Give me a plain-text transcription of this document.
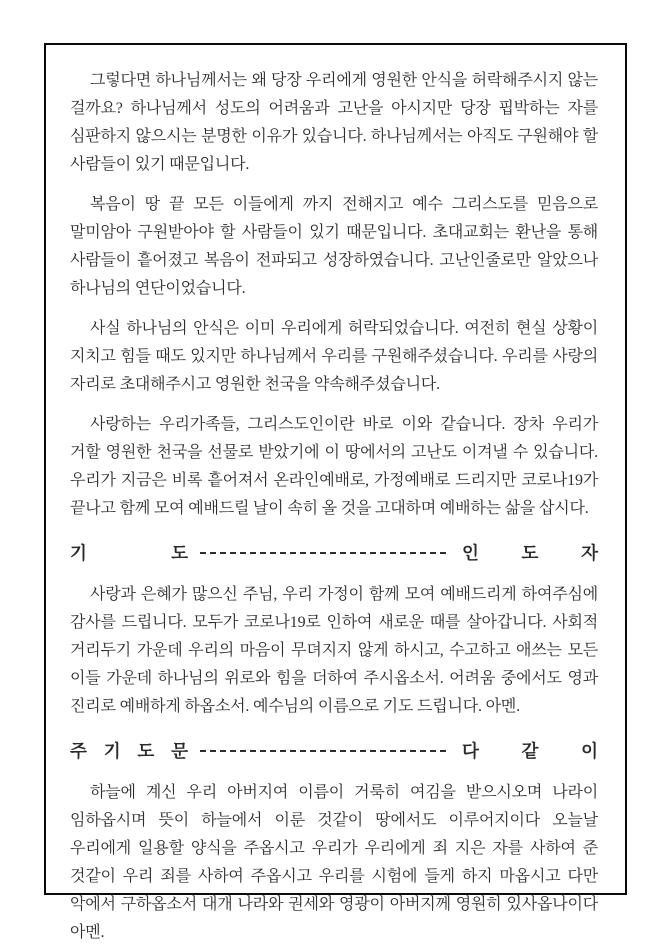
그렇다면 하나님께서는 왜 당장 우리에게 영원한 안식을 허락해주시지 않는 걸까요? 하나님께서 성도의 어려움과 고난을 아시지만 당장 핍박하는 자를 심판하지 않으시는 분명한 이유가 있습니다. 하나님께서는 아직도 구원해야 할 사람들이 있기 때문입니다.

복음이 땅 끝 모든 이들에게 까지 전해지고 예수 그리스도를 믿음으로 말미암아 구원받아야 할 사람들이 있기 때문입니다. 초대교회는 환난을 통해 사람들이 흩어졌고 복음이 전파되고 성장하였습니다. 고난인줄로만 알았으나 하나님의 연단이었습니다.

사실 하나님의 안식은 이미 우리에게 허락되었습니다. 여전히 현실 상황이 지치고 힘들 때도 있지만 하나님께서 우리를 구원해주셨습니다. 우리를 사랑의 자리로 초대해주시고 영원한 천국을 약속해주셨습니다.

사랑하는 우리가족들, 그리스도인이란 바로 이와 같습니다. 장차 우리가 거할 영원한 천국을 선물로 받았기에 이 땅에서의 고난도 이겨낼 수 있습니다. 우리가 지금은 비록 흩어져서 온라인예배로, 가정예배로 드리지만 코로나19가 끝나고 함께 모여 예배드릴 날이 속히 올 것을 고대하며 예배하는 삶을 삽시다.

기 도	인 도 자

사랑과 은혜가 많으신 주님, 우리 가정이 함께 모여 예배드리게 하여주심에 감사를 드립니다. 모두가 코로나19로 인하여 새로운 때를 살아갑니다. 사회적 거리두기 가운데 우리의 마음이 무뎌지지 않게 하시고, 수고하고 애쓰는 모든 이들 가운데 하나님의 위로와 힘을 더하여 주시옵소서. 어려움 중에서도 영과 진리로 예배하게 하옵소서. 예수님의 이름으로 기도 드립니다. 아멘.

주 기 도 문	다 같 이

하늘에 계신 우리 아버지여 이름이 거룩히 여김을 받으시오며 나라이 임하옵시며 뜻이 하늘에서 이룬 것같이 땅에서도 이루어지이다 오늘날 우리에게 일용할 양식을 주옵시고 우리가 우리에게 죄 지은 자를 사하여 준 것같이 우리 죄를 사하여 주옵시고 우리를 시험에 들게 하지 마옵시고 다만 악에서 구하옵소서 대개 나라와 권세와 영광이 아버지께 영원히 있사옵나이다 아멘.
